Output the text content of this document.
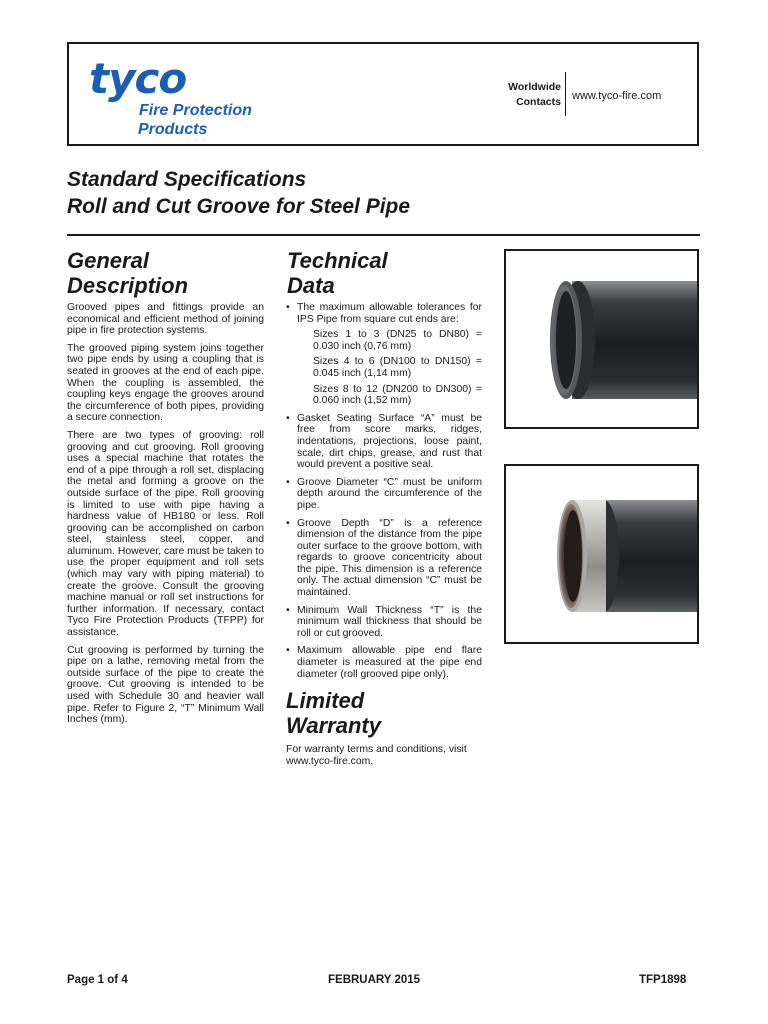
tyco
Fire Protection
Products
Worldwide
Contacts www.tyco-fire.com
Standard Specifications
Roll and Cut Groove for Steel Pipe
General
Description

Grooved pipes and fittings provide an economical and efficient method of joining pipe in fire protection systems.

The grooved piping system joins together two pipe ends by using a coupling that is seated in grooves at the end of each pipe. When the coupling is assembled, the coupling keys engage the grooves around the circumference of both pipes, providing a secure connection.

There are two types of grooving: roll grooving and cut grooving. Roll grooving uses a special machine that rotates the end of a pipe through a roll set, displacing the metal and forming a groove on the outside surface of the pipe. Roll grooving is limited to use with pipe having a hardness value of HB180 or less. Roll grooving can be accomplished on carbon steel, stainless steel, copper, and aluminum. However, care must be taken to use the proper equipment and roll sets (which may vary with piping material) to create the groove. Consult the grooving machine manual or roll set instructions for further information. If necessary, contact Tyco Fire Protection Products (TFPP) for assistance.

Cut grooving is performed by turning the pipe on a lathe, removing metal from the outside surface of the pipe to create the groove. Cut grooving is intended to be used with Schedule 30 and heavier wall pipe. Refer to Figure 2, “T” Minimum Wall Inches (mm).

Technical
Data
• The maximum allowable tolerances for IPS Pipe from square cut ends are:
Sizes 1 to 3 (DN25 to DN80) = 0.030 inch (0,76 mm)
Sizes 4 to 6 (DN100 to DN150) = 0.045 inch (1,14 mm)
Sizes 8 to 12 (DN200 to DN300) = 0.060 inch (1,52 mm)
• Gasket Seating Surface “A” must be free from score marks, ridges, indentations, projections, loose paint, scale, dirt chips, grease, and rust that would prevent a positive seal.
• Groove Diameter “C” must be uniform depth around the circumference of the pipe.
• Groove Depth “D” is a reference dimension of the distance from the pipe outer surface to the groove bottom, with regards to groove concentricity about the pipe. This dimension is a reference only. The actual dimension “C” must be maintained.
• Minimum Wall Thickness “T” is the minimum wall thickness that should be roll or cut grooved.
• Maximum allowable pipe end flare diameter is measured at the pipe end diameter (roll grooved pipe only).
Limited
Warranty

For warranty terms and conditions, visit www.tyco-fire.com.

Page 1 of 4	FEBRUARY 2015	TFP1898
